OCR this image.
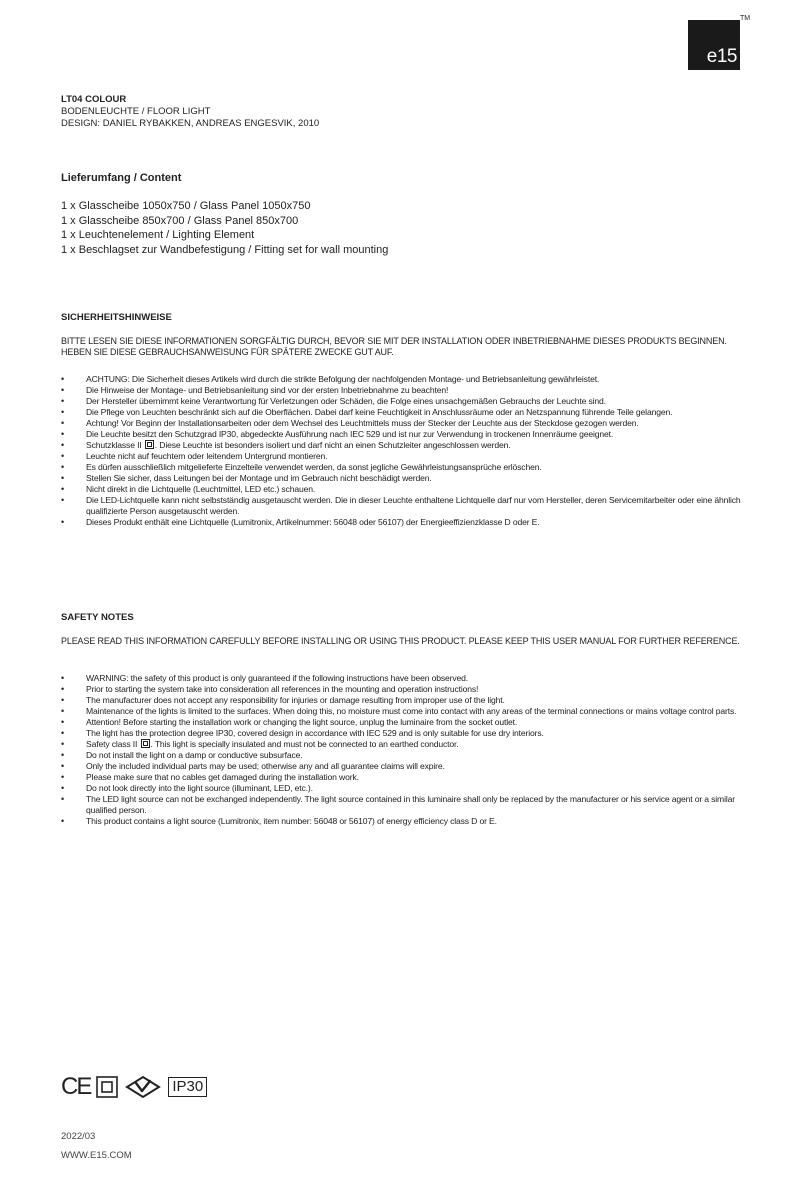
e15
TM
LT04 COLOUR
BODENLEUCHTE / FLOOR LIGHT
DESIGN: DANIEL RYBAKKEN, ANDREAS ENGESVIK, 2010
Lieferumfang / Content
1 x Glasscheibe 1050x750 / Glass Panel 1050x750
1 x Glasscheibe 850x700 / Glass Panel 850x700
1 x Leuchtenelement / Lighting Element
1 x Beschlagset zur Wandbefestigung / Fitting set for wall mounting
SICHERHEITSHINWEISE
BITTE LESEN SIE DIESE INFORMATIONEN SORGFÄLTIG DURCH, BEVOR SIE MIT DER INSTALLATION ODER INBETRIEBNAHME DIESES PRODUKTS BEGINNEN. HEBEN SIE DIESE GEBRAUCHSANWEISUNG FÜR SPÄTERE ZWECKE GUT AUF.
• ACHTUNG: Die Sicherheit dieses Artikels wird durch die strikte Befolgung der nachfolgenden Montage- und Betriebsanleitung gewährleistet.
• Die Hinweise der Montage- und Betriebsanleitung sind vor der ersten Inbetriebnahme zu beachten!
• Der Hersteller übernimmt keine Verantwortung für Verletzungen oder Schäden, die Folge eines unsachgemäßen Gebrauchs der Leuchte sind.
• Die Pflege von Leuchten beschränkt sich auf die Oberflächen. Dabei darf keine Feuchtigkeit in Anschlussräume oder an Netzspannung führende Teile gelangen.
• Achtung! Vor Beginn der Installationsarbeiten oder dem Wechsel des Leuchtmittels muss der Stecker der Leuchte aus der Steckdose gezogen werden.
• Die Leuchte besitzt den Schutzgrad IP30, abgedeckte Ausführung nach IEC 529 und ist nur zur Verwendung in trockenen Innenräume geeignet.
• Schutzklasse II . Diese Leuchte ist besonders isoliert und darf nicht an einen Schutzleiter angeschlossen werden.
• Leuchte nicht auf feuchtem oder leitendem Untergrund montieren.
• Es dürfen ausschließlich mitgelieferte Einzelteile verwendet werden, da sonst jegliche Gewährleistungsansprüche erlöschen.
• Stellen Sie sicher, dass Leitungen bei der Montage und im Gebrauch nicht beschädigt werden.
• Nicht direkt in die Lichtquelle (Leuchtmittel, LED etc.) schauen.
• Die LED-Lichtquelle kann nicht selbstständig ausgetauscht werden. Die in dieser Leuchte enthaltene Lichtquelle darf nur vom Hersteller, deren Servicemitarbeiter oder eine ähnlich qualifizierte Person ausgetauscht werden.
• Dieses Produkt enthält eine Lichtquelle (Lumitronix, Artikelnummer: 56048 oder 56107) der Energieeffizienzklasse D oder E.
SAFETY NOTES
PLEASE READ THIS INFORMATION CAREFULLY BEFORE INSTALLING OR USING THIS PRODUCT. PLEASE KEEP THIS USER MANUAL FOR FURTHER REFERENCE.
• WARNING: the safety of this product is only guaranteed if the following instructions have been observed.
• Prior to starting the system take into consideration all references in the mounting and operation instructions!
• The manufacturer does not accept any responsibility for injuries or damage resulting from improper use of the light.
• Maintenance of the lights is limited to the surfaces. When doing this, no moisture must come into contact with any areas of the terminal connections or mains voltage control parts.
• Attention! Before starting the installation work or changing the light source, unplug the luminaire from the socket outlet.
• The light has the protection degree IP30, covered design in accordance with IEC 529 and is only suitable for use dry interiors.
• Safety class II . This light is specially insulated and must not be connected to an earthed conductor.
• Do not install the light on a damp or conductive subsurface.
• Only the included individual parts may be used; otherwise any and all guarantee claims will expire.
• Please make sure that no cables get damaged during the installation work.
• Do not look directly into the light source (illuminant, LED, etc.).
• The LED light source can not be exchanged independently. The light source contained in this luminaire shall only be replaced by the manufacturer or his service agent or a similar qualified person.
• This product contains a light source (Lumitronix, item number: 56048 or 56107) of energy efficiency class D or E.
CE	IP30
2022/03
WWW.E15.COM
